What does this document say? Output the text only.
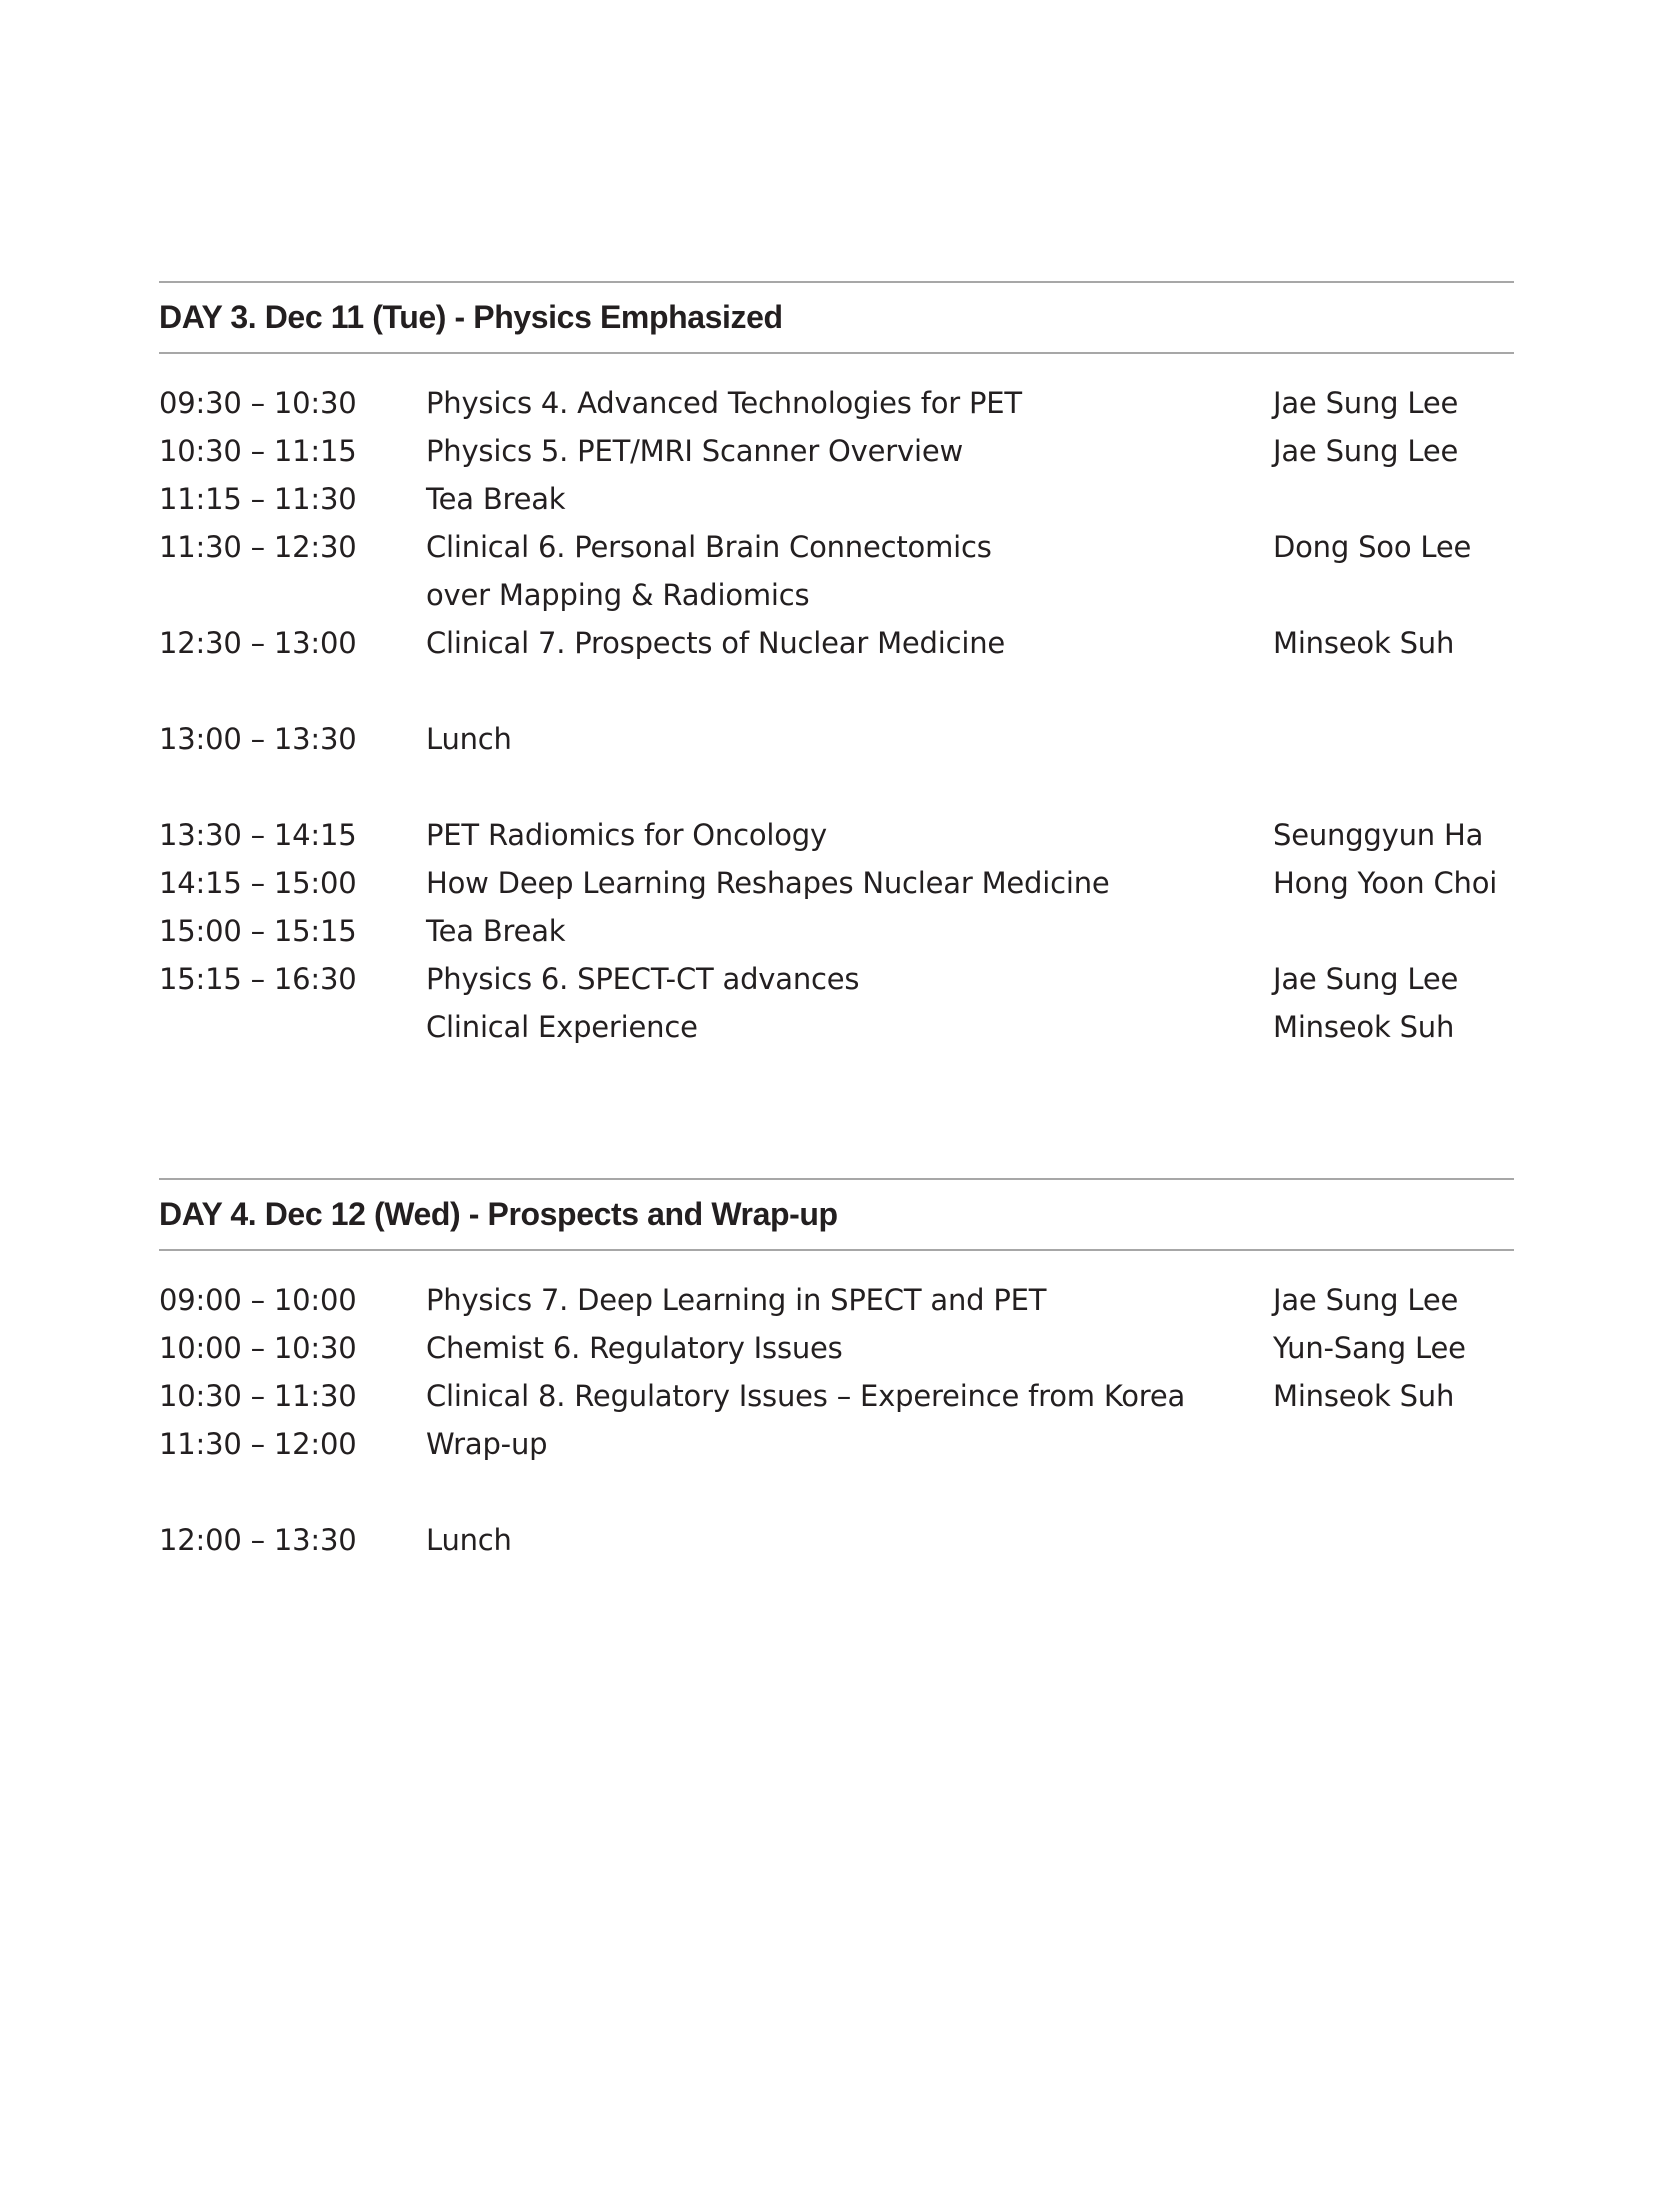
DAY 3. Dec 11 (Tue) - Physics Emphasized
09:30 – 10:30 Physics 4. Advanced Technologies for PET	Jae Sung Lee
10:30 – 11:15 Physics 5. PET/MRI Scanner Overview	Jae Sung Lee
11:15 – 11:30 Tea Break
11:30 – 12:30 Clinical 6. Personal Brain Connectomics	Dong Soo Lee
over Mapping & Radiomics
12:30 – 13:00 Clinical 7. Prospects of Nuclear Medicine	Minseok Suh
13:00 – 13:30 Lunch
13:30 – 14:15 PET Radiomics for Oncology	Seunggyun Ha
14:15 – 15:00 How Deep Learning Reshapes Nuclear Medicine	Hong Yoon Choi
15:00 – 15:15 Tea Break
15:15 – 16:30 Physics 6. SPECT-CT advances	Jae Sung Lee
Clinical Experience	Minseok Suh
DAY 4. Dec 12 (Wed) - Prospects and Wrap-up
09:00 – 10:00 Physics 7. Deep Learning in SPECT and PET	Jae Sung Lee
10:00 – 10:30 Chemist 6. Regulatory Issues	Yun-Sang Lee
10:30 – 11:30 Clinical 8. Regulatory Issues – Expereince from Korea	Minseok Suh
11:30 – 12:00 Wrap-up
12:00 – 13:30 Lunch
